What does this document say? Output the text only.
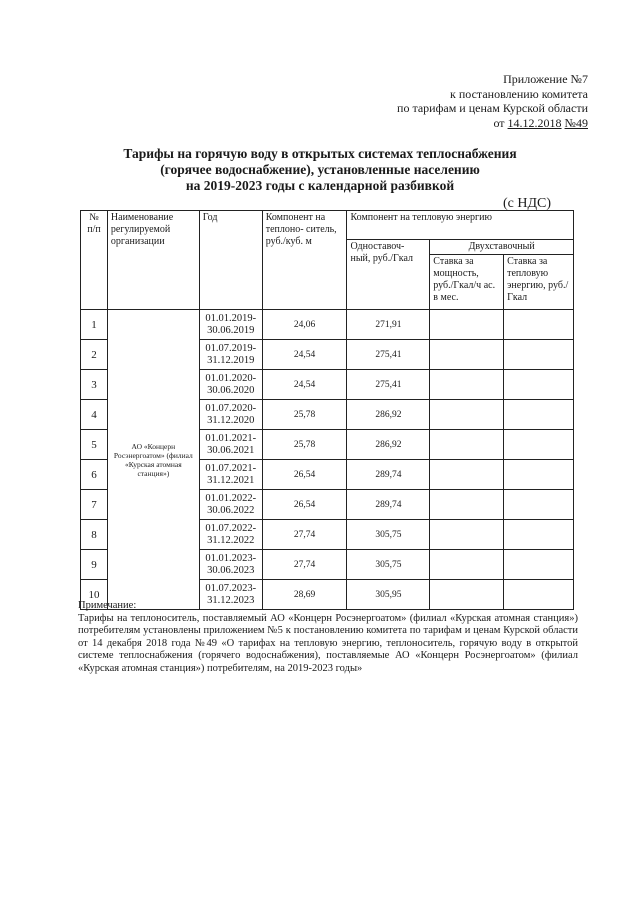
Приложение №7
к постановлению комитета
по тарифам и ценам Курской области
от 14.12.2018 №49
Тарифы на горячую воду в открытых системах теплоснабжения
(горячее водоснабжение), установленные населению
на 2019-2023 годы с календарной разбивкой
(с НДС)
№ п/п	Наименование регулируемой организации	Год	Компонент на теплоно- ситель, руб./куб. м	Компонент на тепловую энергию		
				Одноставоч- ный, руб./Гкал	Двухставочный	
					Ставка за мощность, руб./Гкал/ч ас. в мес.	Ставка за тепловую энергию, руб./Гкал
1	АО «Концерн Росэнергоатом» (филиал «Курская атомная станция»)	01.01.2019- 30.06.2019	24,06	271,91		
2		01.07.2019- 31.12.2019	24,54	275,41		
3		01.01.2020- 30.06.2020	24,54	275,41		
4		01.07.2020- 31.12.2020	25,78	286,92		
5		01.01.2021- 30.06.2021	25,78	286,92		
6		01.07.2021- 31.12.2021	26,54	289,74		
7		01.01.2022- 30.06.2022	26,54	289,74		
8		01.07.2022- 31.12.2022	27,74	305,75		
9		01.01.2023- 30.06.2023	27,74	305,75		
10		01.07.2023- 31.12.2023	28,69	305,95		
Примечание:
Тарифы на теплоноситель, поставляемый АО «Концерн Росэнергоатом» (филиал «Курская атомная станция») потребителям установлены приложением №5 к постановлению комитета по тарифам и ценам Курской области от 14 декабря 2018 года №49 «О тарифах на тепловую энергию, теплоноситель, горячую воду в открытой системе теплоснабжения (горячего водоснабжения), поставляемые АО «Концерн Росэнергоатом» (филиал «Курская атомная станция») потребителям, на 2019-2023 годы»
